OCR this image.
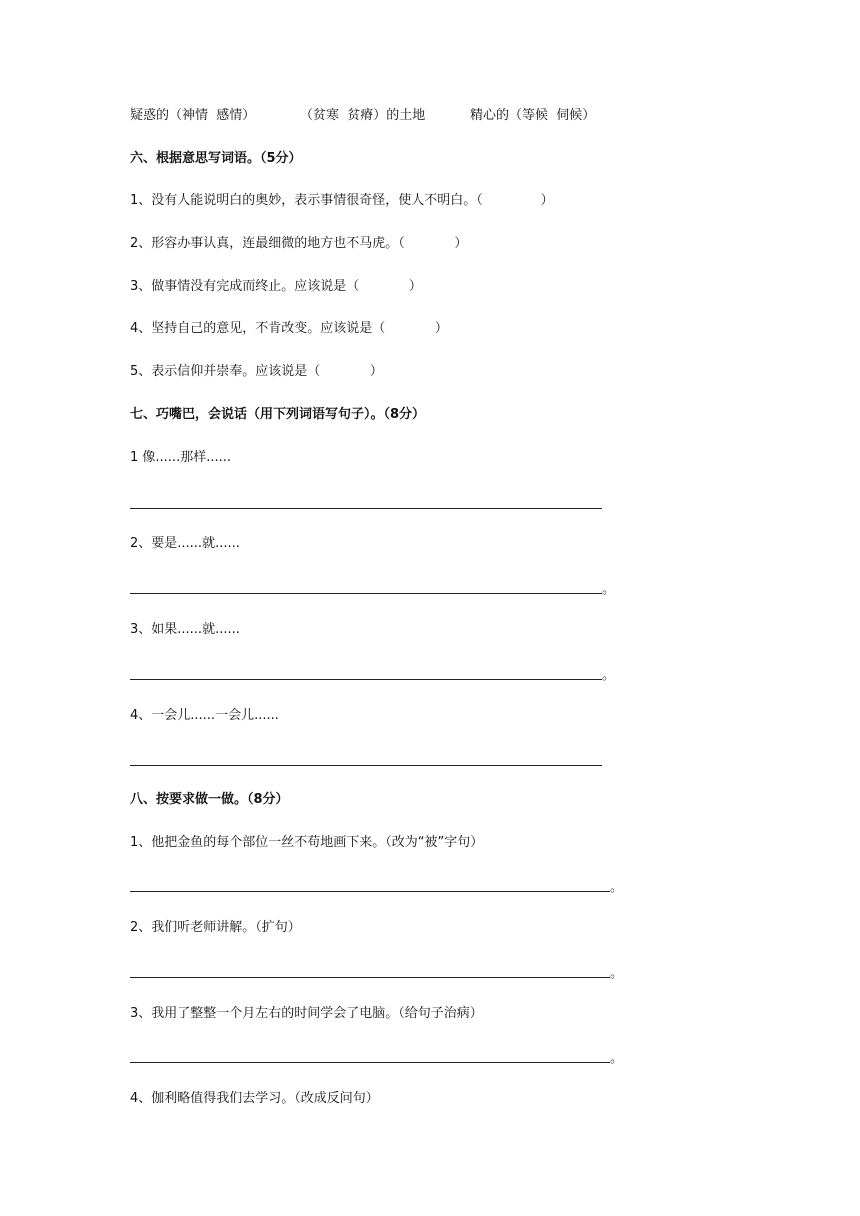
疑惑的（神情  感情）	（贫寒  贫瘠）的土地	精心的（等候  伺候）
六、根据意思写词语。（5分）
1、没有人能说明白的奥妙，表示事情很奇怪，使人不明白。（              ）
2、形容办事认真，连最细微的地方也不马虎。（            ）
3、做事情没有完成而终止。应该说是（            ）
4、坚持自己的意见，不肯改变。应该说是（            ）
5、表示信仰并崇奉。应该说是（            ）
七、巧嘴巴，会说话（用下列词语写句子）。（8分）
1 像......那样......
2、要是......就......
。
3、如果......就......
。
4、一会儿......一会儿......
八、按要求做一做。（8分）
1、他把金鱼的每个部位一丝不苟地画下来。（改为“被”字句）
。
2、我们听老师讲解。（扩句）
。
3、我用了整整一个月左右的时间学会了电脑。（给句子治病）
。
4、伽利略值得我们去学习。（改成反问句）
